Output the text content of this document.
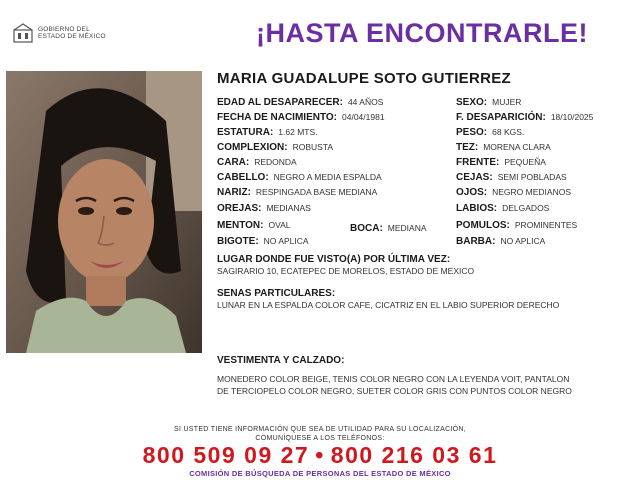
GOBIERNO DEL
ESTADO DE MÉXICO	¡HASTA ENCONTRARLE!
MARIA GUADALUPE SOTO GUTIERREZ
EDAD AL DESAPARECER: 44 AÑOS	SEXO: MUJER
FECHA DE NACIMIENTO: 04/04/1981	F. DESAPARICIÓN: 18/10/2025
ESTATURA: 1.62 MTS.	PESO: 68 KGS.
COMPLEXION: ROBUSTA	TEZ: MORENA CLARA
CARA: REDONDA	FRENTE: PEQUEÑA
CABELLO: NEGRO A MEDIA ESPALDA	CEJAS: SEMI POBLADAS
NARIZ: RESPINGADA BASE MEDIANA	OJOS: NEGRO MEDIANOS
OREJAS: MEDIANAS	LABIOS: DELGADOS
MENTON: OVAL	BOCA: MEDIANA	POMULOS: PROMINENTES
BIGOTE: NO APLICA	BARBA: NO APLICA
LUGAR DONDE FUE VISTO(A) POR ÚLTIMA VEZ:
SAGIRARIO 10, ECATEPEC DE MORELOS, ESTADO DE MEXICO
SENAS PARTICULARES:
LUNAR EN LA ESPALDA COLOR CAFE, CICATRIZ EN EL LABIO SUPERIOR DERECHO
VESTIMENTA Y CALZADO:
MONEDERO COLOR BEIGE, TENIS COLOR NEGRO CON LA LEYENDA VOIT, PANTALON
DE TERCIOPELO COLOR NEGRO, SUETER COLOR GRIS CON PUNTOS COLOR NEGRO
SI USTED TIENE INFORMACIÓN QUE SEA DE UTILIDAD PARA SU LOCALIZACIÓN,
COMUNÍQUESE A LOS TELÉFONOS:
800 509 09 27 • 800 216 03 61
COMISIÓN DE BÚSQUEDA DE PERSONAS DEL ESTADO DE MÉXICO
